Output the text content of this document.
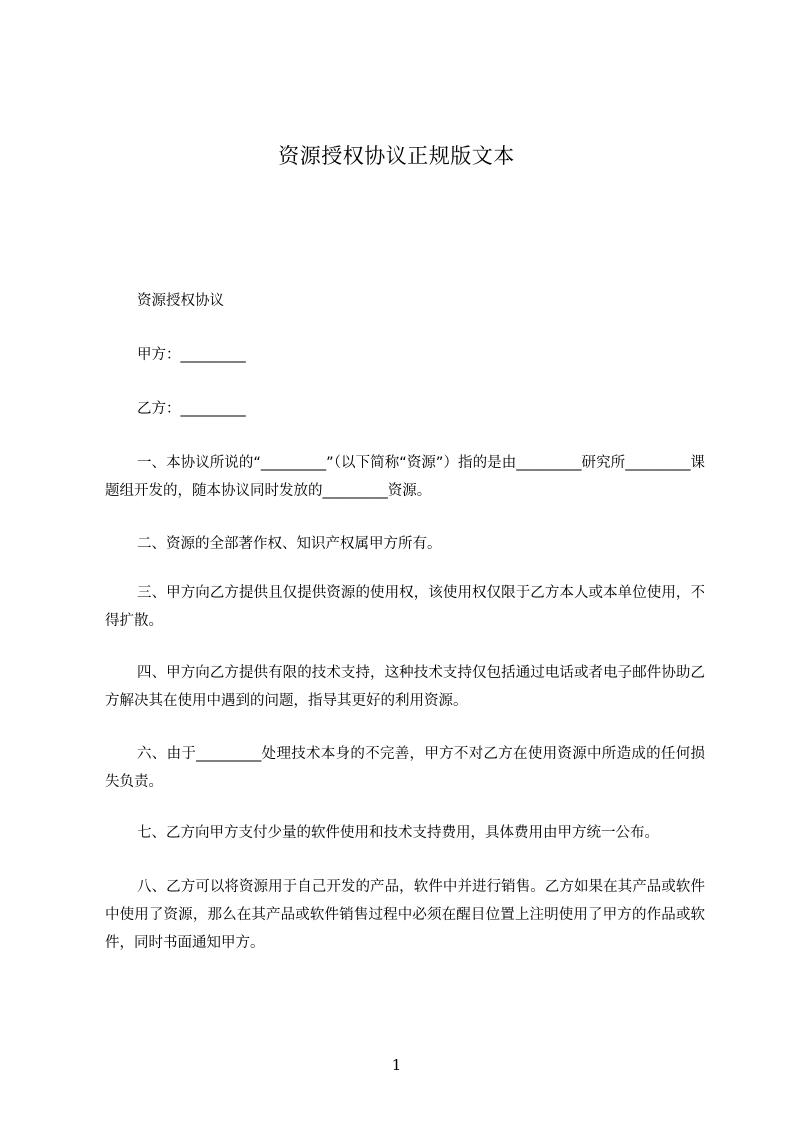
资源授权协议正规版文本

资源授权协议

甲方：_________

乙方：_________

一、本协议所说的“_________”（以下简称“资源”）指的是由_________研究所_________课题组开发的，随本协议同时发放的_________资源。

二、资源的全部著作权、知识产权属甲方所有。

三、甲方向乙方提供且仅提供资源的使用权，该使用权仅限于乙方本人或本单位使用，不得扩散。

四、甲方向乙方提供有限的技术支持，这种技术支持仅包括通过电话或者电子邮件协助乙方解决其在使用中遇到的问题，指导其更好的利用资源。

六、由于_________处理技术本身的不完善，甲方不对乙方在使用资源中所造成的任何损失负责。

七、乙方向甲方支付少量的软件使用和技术支持费用，具体费用由甲方统一公布。

八、乙方可以将资源用于自己开发的产品，软件中并进行销售。乙方如果在其产品或软件中使用了资源，那么在其产品或软件销售过程中必须在醒目位置上注明使用了甲方的作品或软件，同时书面通知甲方。

1
